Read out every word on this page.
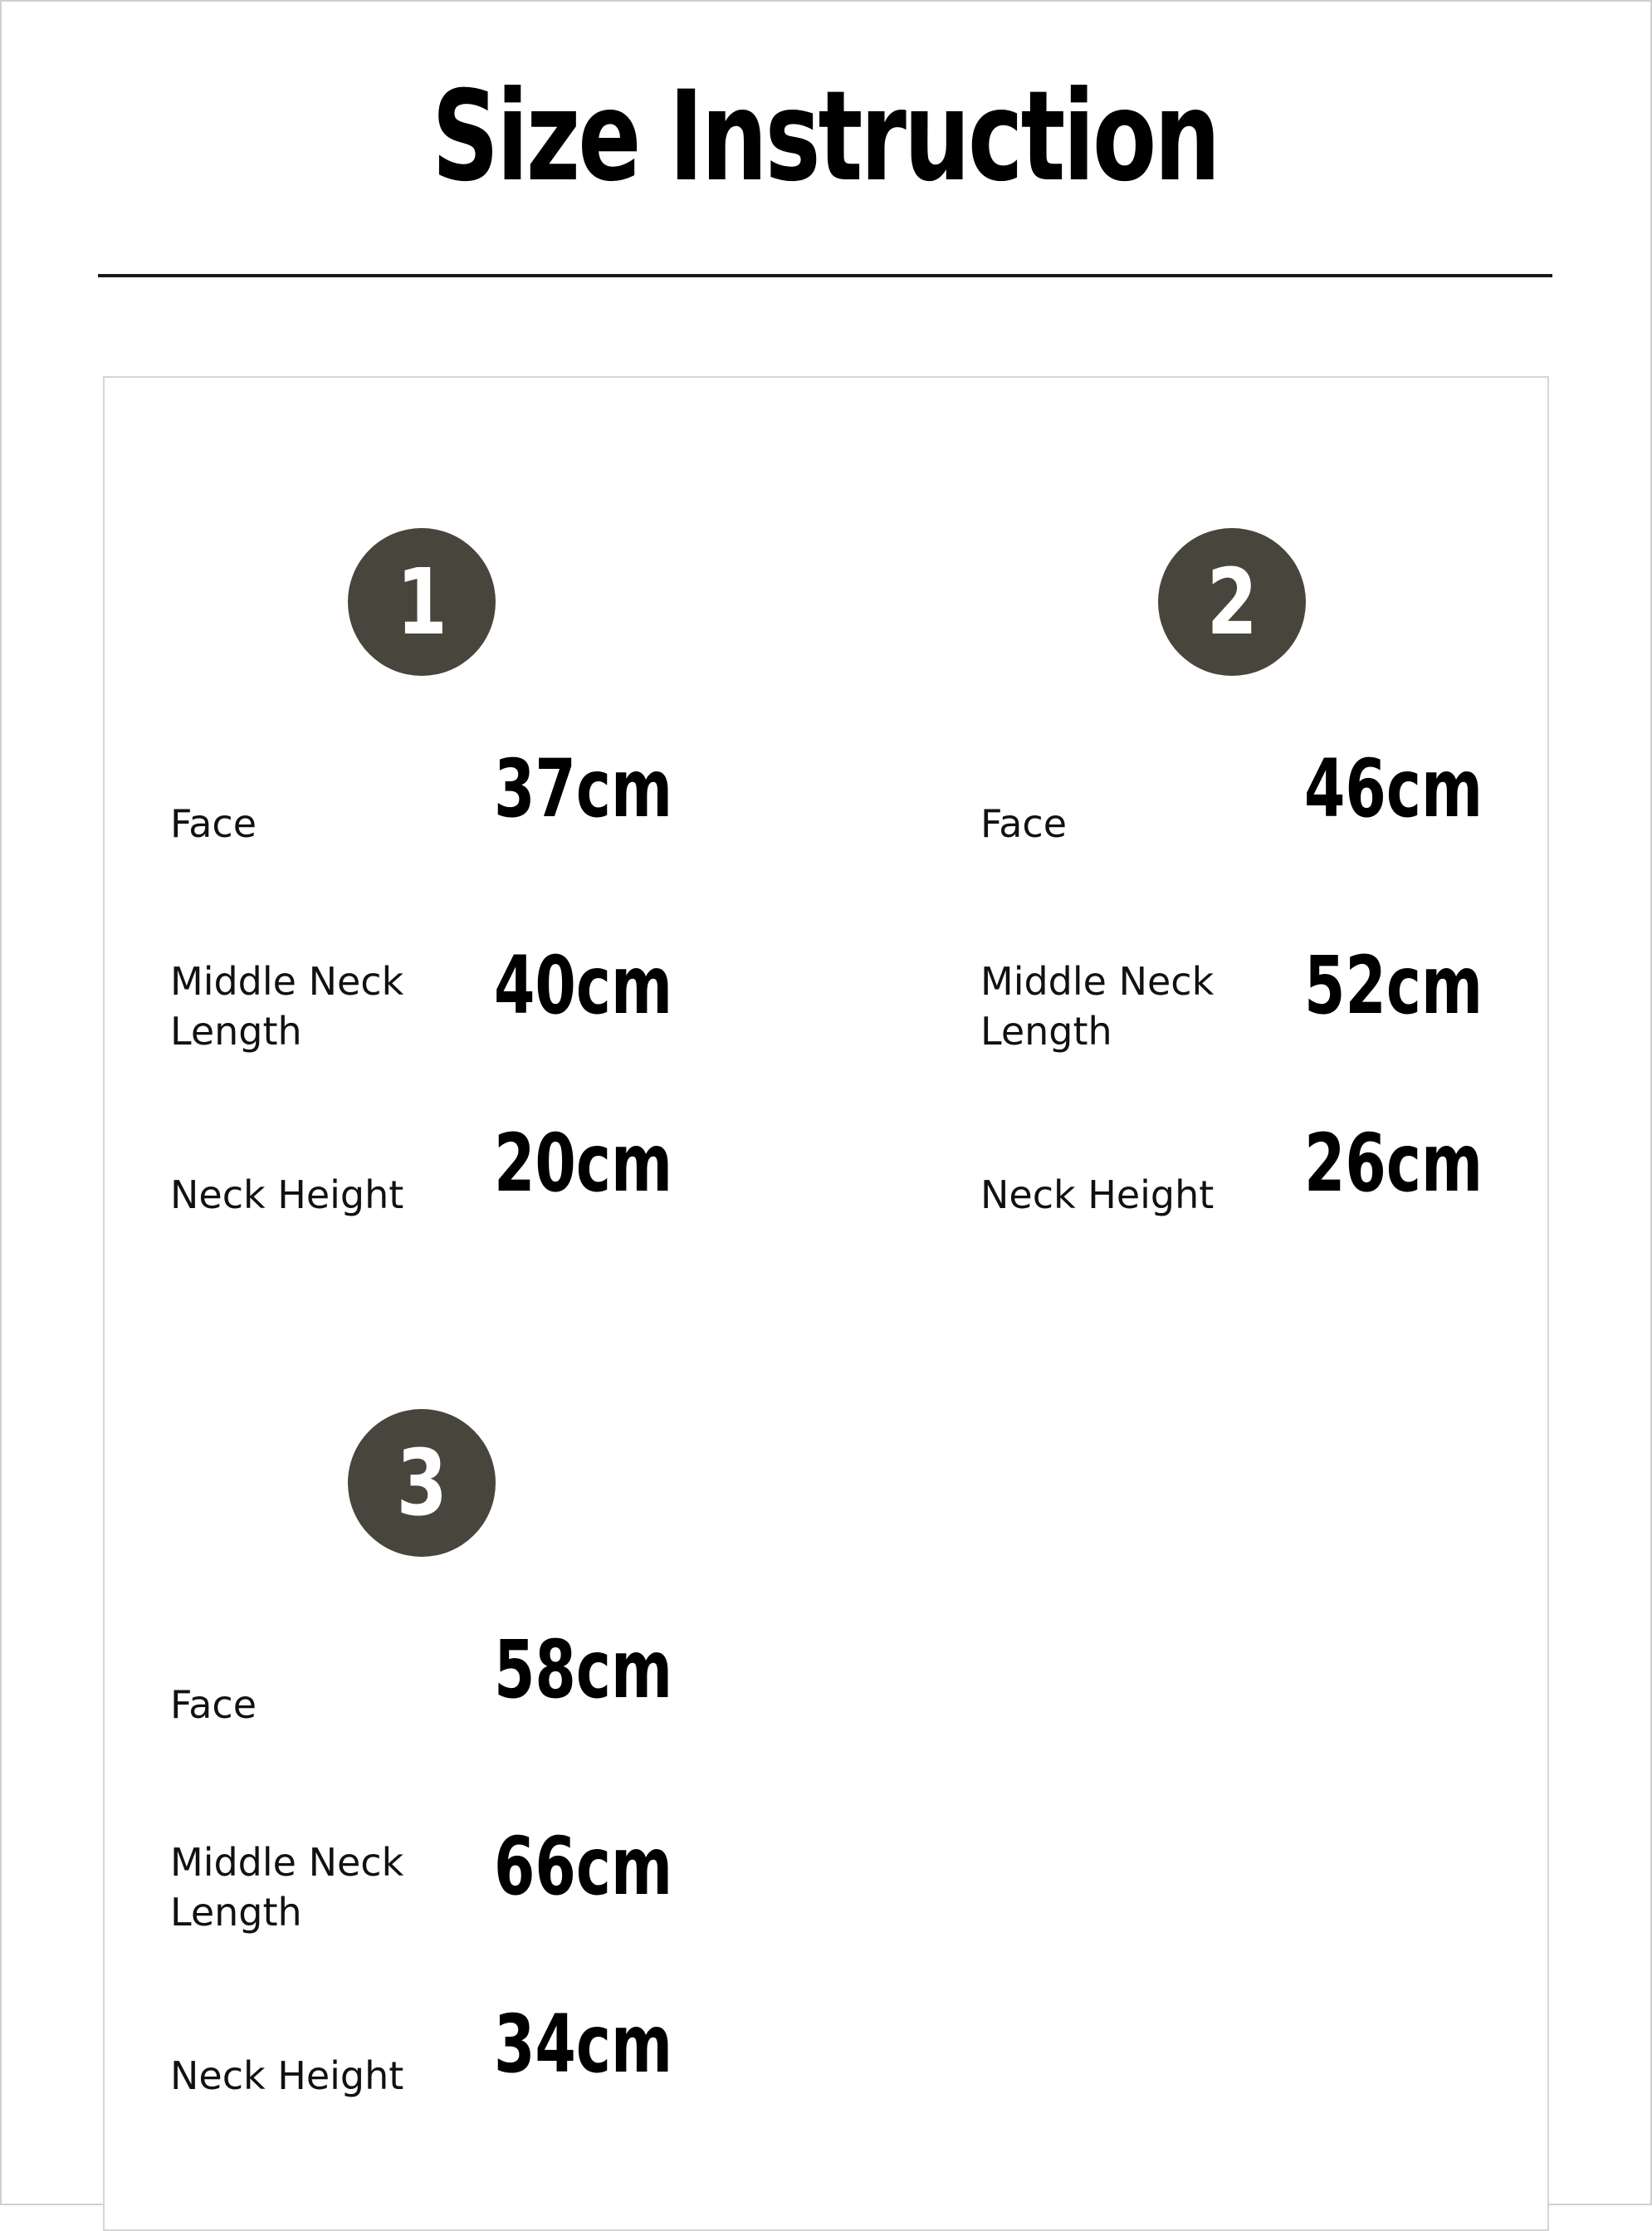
Size Instruction
1
Face	37cm
Middle Neck Length	40cm
Neck Height	20cm
2
Face	46cm
Middle Neck Length	52cm
Neck Height	26cm
3
Face	58cm
Middle Neck Length	66cm
Neck Height	34cm
